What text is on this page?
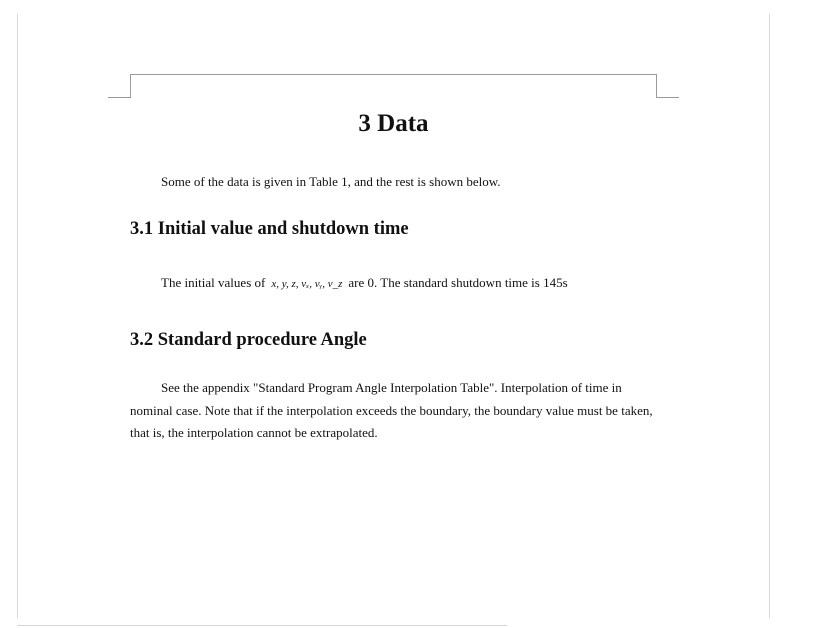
3 Data

Some of the data is given in Table 1, and the rest is shown below.

3.1 Initial value and shutdown time

The initial values of x, y, z, vₓ, vᵧ, v_z are 0. The standard shutdown time is 145s

3.2 Standard procedure Angle

See the appendix "Standard Program Angle Interpolation Table". Interpolation of time in nominal case. Note that if the interpolation exceeds the boundary, the boundary value must be taken, that is, the interpolation cannot be extrapolated.
